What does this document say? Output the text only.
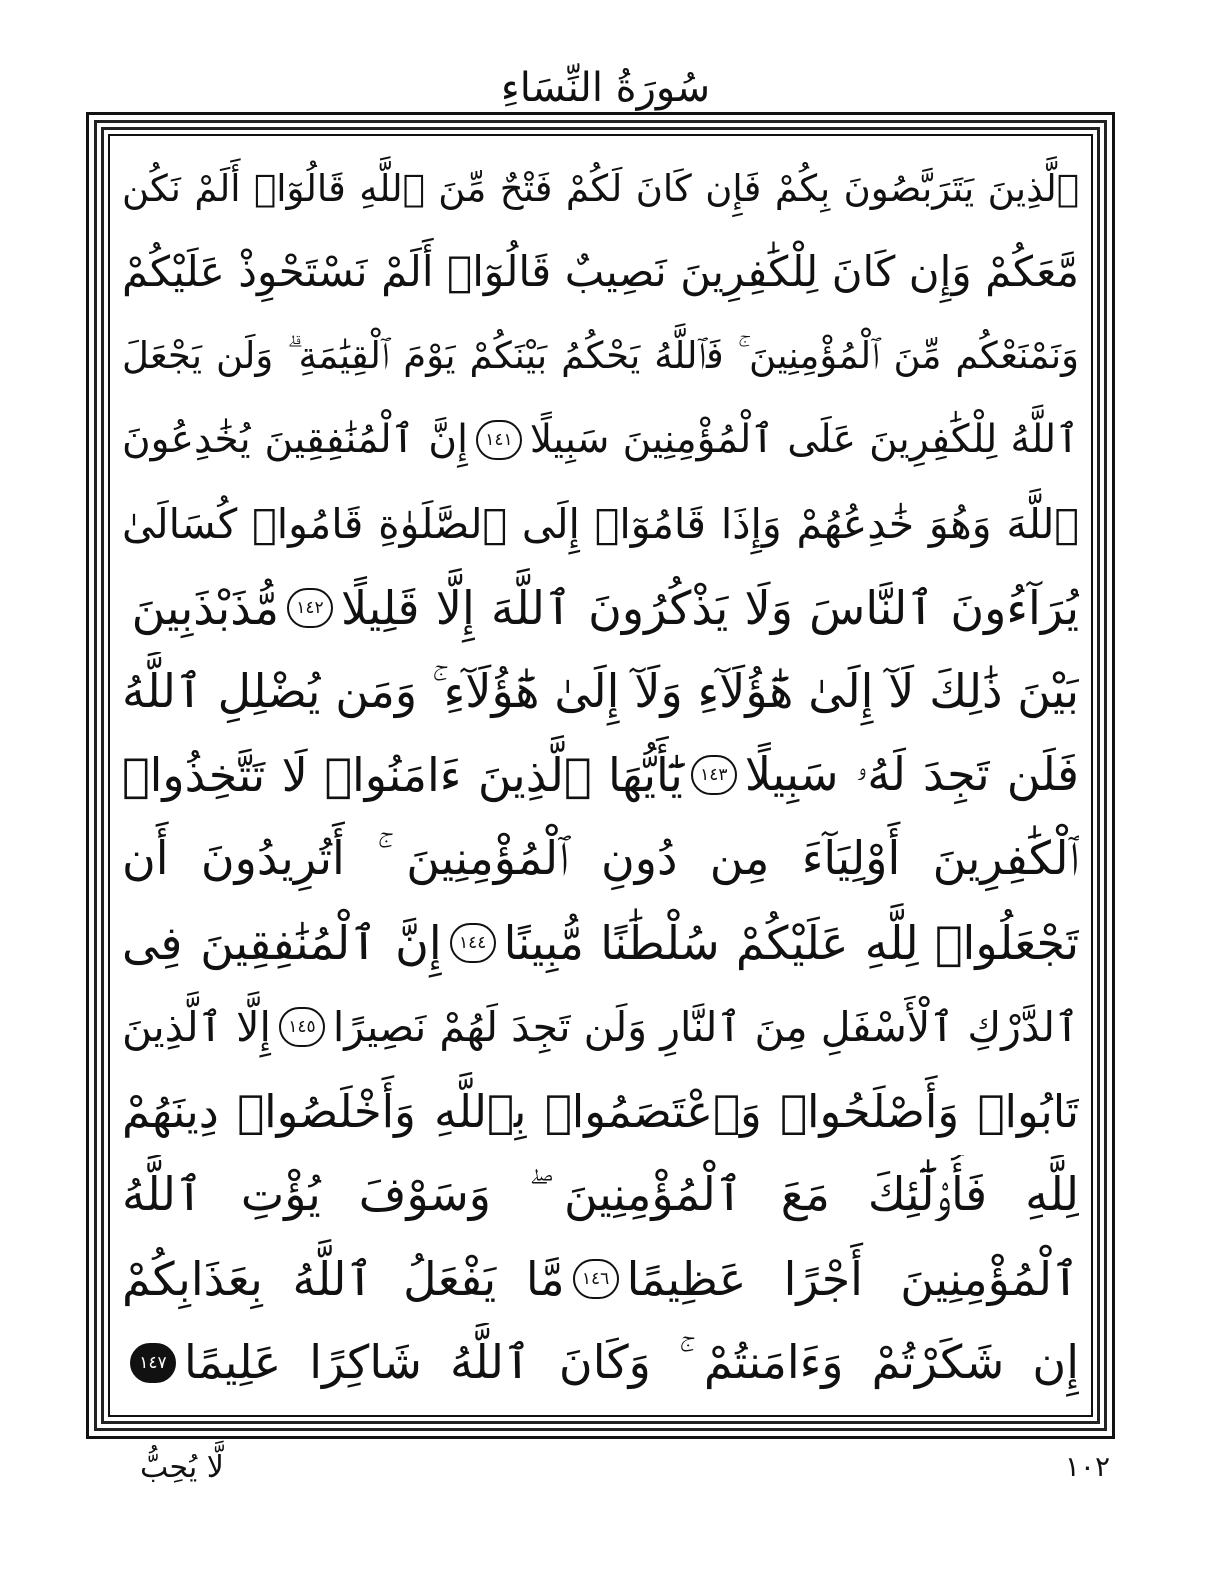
سُورَةُ النِّسَاءِ
ٱلَّذِينَ يَتَرَبَّصُونَ بِكُمْ فَإِن كَانَ لَكُمْ فَتْحٌ مِّنَ ٱللَّهِ قَالُوٓا۟ أَلَمْ نَكُن
مَّعَكُمْ وَإِن كَانَ لِلْكَٰفِرِينَ نَصِيبٌ قَالُوٓا۟ أَلَمْ نَسْتَحْوِذْ عَلَيْكُمْ
وَنَمْنَعْكُم مِّنَ ٱلْمُؤْمِنِينَ ۚ فَٱللَّهُ يَحْكُمُ بَيْنَكُمْ يَوْمَ ٱلْقِيَٰمَةِ ۗ وَلَن يَجْعَلَ
ٱللَّهُ لِلْكَٰفِرِينَ عَلَى ٱلْمُؤْمِنِينَ سَبِيلًا
١٤١
إِنَّ ٱلْمُنَٰفِقِينَ يُخَٰدِعُونَ
ٱللَّهَ وَهُوَ خَٰدِعُهُمْ وَإِذَا قَامُوٓا۟ إِلَى ٱلصَّلَوٰةِ قَامُوا۟ كُسَالَىٰ
يُرَآءُونَ ٱلنَّاسَ وَلَا يَذْكُرُونَ ٱللَّهَ إِلَّا قَلِيلًا
١٤٢
مُّذَبْذَبِينَ
بَيْنَ ذَٰلِكَ لَآ إِلَىٰ هَٰٓؤُلَآءِ وَلَآ إِلَىٰ هَٰٓؤُلَآءِ ۚ وَمَن يُضْلِلِ ٱللَّهُ
فَلَن تَجِدَ لَهُۥ سَبِيلًا
١٤٣
يَٰٓأَيُّهَا ٱلَّذِينَ ءَامَنُوا۟ لَا تَتَّخِذُوا۟
ٱلْكَٰفِرِينَ أَوْلِيَآءَ مِن دُونِ ٱلْمُؤْمِنِينَ ۚ أَتُرِيدُونَ أَن
تَجْعَلُوا۟ لِلَّهِ عَلَيْكُمْ سُلْطَٰنًا مُّبِينًا
١٤٤
إِنَّ ٱلْمُنَٰفِقِينَ فِى
ٱلدَّرْكِ ٱلْأَسْفَلِ مِنَ ٱلنَّارِ وَلَن تَجِدَ لَهُمْ نَصِيرًا
١٤٥
إِلَّا ٱلَّذِينَ
تَابُوا۟ وَأَصْلَحُوا۟ وَٱعْتَصَمُوا۟ بِٱللَّهِ وَأَخْلَصُوا۟ دِينَهُمْ
لِلَّهِ فَأُو۟لَٰٓئِكَ مَعَ ٱلْمُؤْمِنِينَ ۖ وَسَوْفَ يُؤْتِ ٱللَّهُ
ٱلْمُؤْمِنِينَ أَجْرًا عَظِيمًا
١٤٦
مَّا يَفْعَلُ ٱللَّهُ بِعَذَابِكُمْ
إِن شَكَرْتُمْ وَءَامَنتُمْ ۚ وَكَانَ ٱللَّهُ شَاكِرًا عَلِيمًا
١٤٧
لَّا يُحِبُّ	١٠٢
